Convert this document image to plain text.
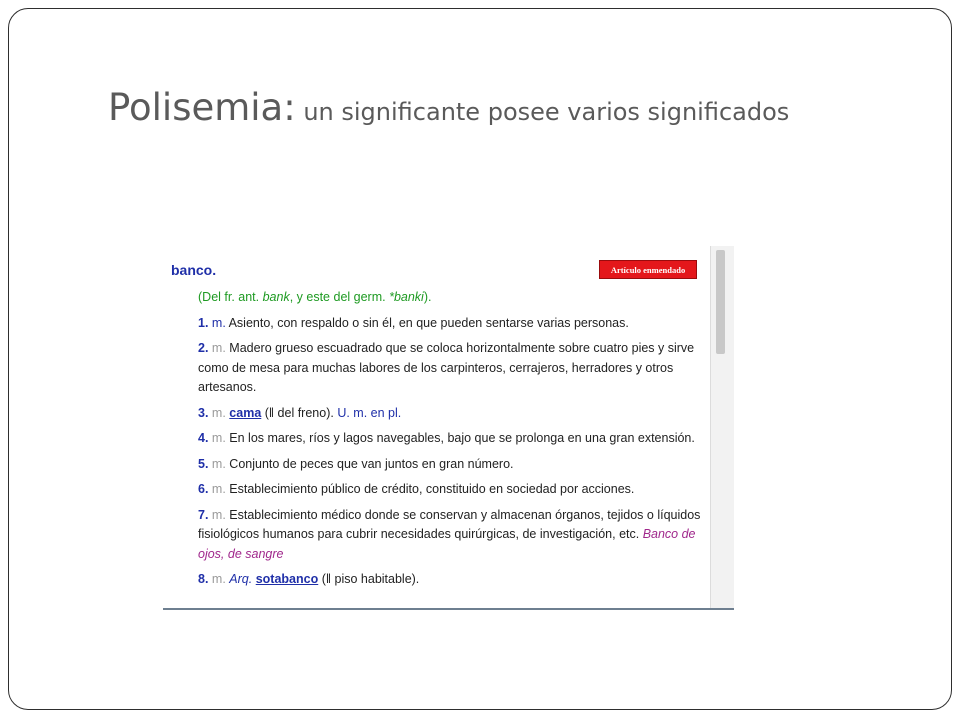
Polisemia: un significante posee varios significados
banco.
(Del fr. ant. bank, y este del germ. *banki).
1. m. Asiento, con respaldo o sin él, en que pueden sentarse varias personas.
2. m. Madero grueso escuadrado que se coloca horizontalmente sobre cuatro pies y sirve como de mesa para muchas labores de los carpinteros, cerrajeros, herradores y otros artesanos.
3. m. cama (‖ del freno). U. m. en pl.
4. m. En los mares, ríos y lagos navegables, bajo que se prolonga en una gran extensión.
5. m. Conjunto de peces que van juntos en gran número.
6. m. Establecimiento público de crédito, constituido en sociedad por acciones.
7. m. Establecimiento médico donde se conservan y almacenan órganos, tejidos o líquidos fisiológicos humanos para cubrir necesidades quirúrgicas, de investigación, etc. Banco de ojos, de sangre
8. m. Arq. sotabanco (‖ piso habitable).
Artículo enmendado
